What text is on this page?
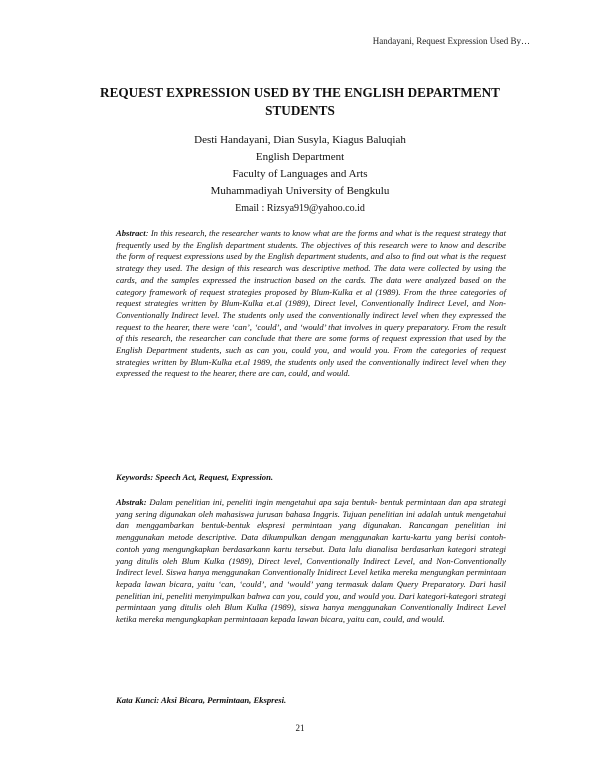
Handayani, Request Expression Used By…
REQUEST EXPRESSION USED BY THE ENGLISH DEPARTMENT STUDENTS
Desti Handayani, Dian Susyla, Kiagus Baluqiah
English Department
Faculty of Languages and Arts
Muhammadiyah University of Bengkulu
Email : Rizsya919@yahoo.co.id
Abstract: In this research, the researcher wants to know what are the forms and what is the request strategy that frequently used by the English department students. The objectives of this research were to know and describe the form of request expressions used by the English department students, and also to find out what is the request strategy they used. The design of this research was descriptive method. The data were collected by using the cards, and the samples expressed the instruction based on the cards. The data were analyzed based on the category framework of request strategies proposed by Blum-Kulka et al (1989). From the three categories of request strategies written by Blum-Kulka et.al (1989), Direct level, Conventionally Indirect Level, and Non-Conventionally Indirect level. The students only used the conventionally indirect level when they expressed the request to the hearer, there were ‘can’, ‘could’, and ‘would’ that involves in query preparatory. From the result of this research, the researcher can conclude that there are some forms of request expression that used by the English Department students, such as can you, could you, and would you. From the categories of request strategies written by Blum-Kulka et.al 1989, the students only used the conventionally indirect level when they expressed the request to the hearer, there are can, could, and would.
Keywords: Speech Act, Request, Expression.
Abstrak: Dalam penelitian ini, peneliti ingin mengetahui apa saja bentuk- bentuk permintaan dan apa strategi yang sering digunakan oleh mahasiswa jurusan bahasa Inggris. Tujuan penelitian ini adalah untuk mengetahui dan menggambarkan bentuk-bentuk ekspresi permintaan yang digunakan. Rancangan penelitian ini menggunakan metode descriptive. Data dikumpulkan dengan menggunakan kartu-kartu yang berisi contoh-contoh yang mengungkapkan berdasarkann kartu tersebut. Data lalu dianalisa berdasarkan kategori strategi yang ditulis oleh Blum Kulka (1989), Direct level, Conventionally Indirect Level, and Non-Conventionally Indirect level. Siswa hanya menggunakan Conventionally Inidirect Level ketika mereka mengungkan permintaan kepada lawan bicara, yaitu ‘can, ‘could’, and ‘would’ yang termasuk dalam Query Preparatory. Dari hasil penelitian ini, peneliti menyimpulkan bahwa can you, could you, and would you. Dari kategori-kategori strategi permintaan yang ditulis oleh Blum Kulka (1989), siswa hanya menggunakan Conventionally Indirect Level ketika mereka mengungkapkan permintaaan kepada lawan bicara, yaitu can, could, and would.
Kata Kunci: Aksi Bicara, Permintaan, Ekspresi.
21
